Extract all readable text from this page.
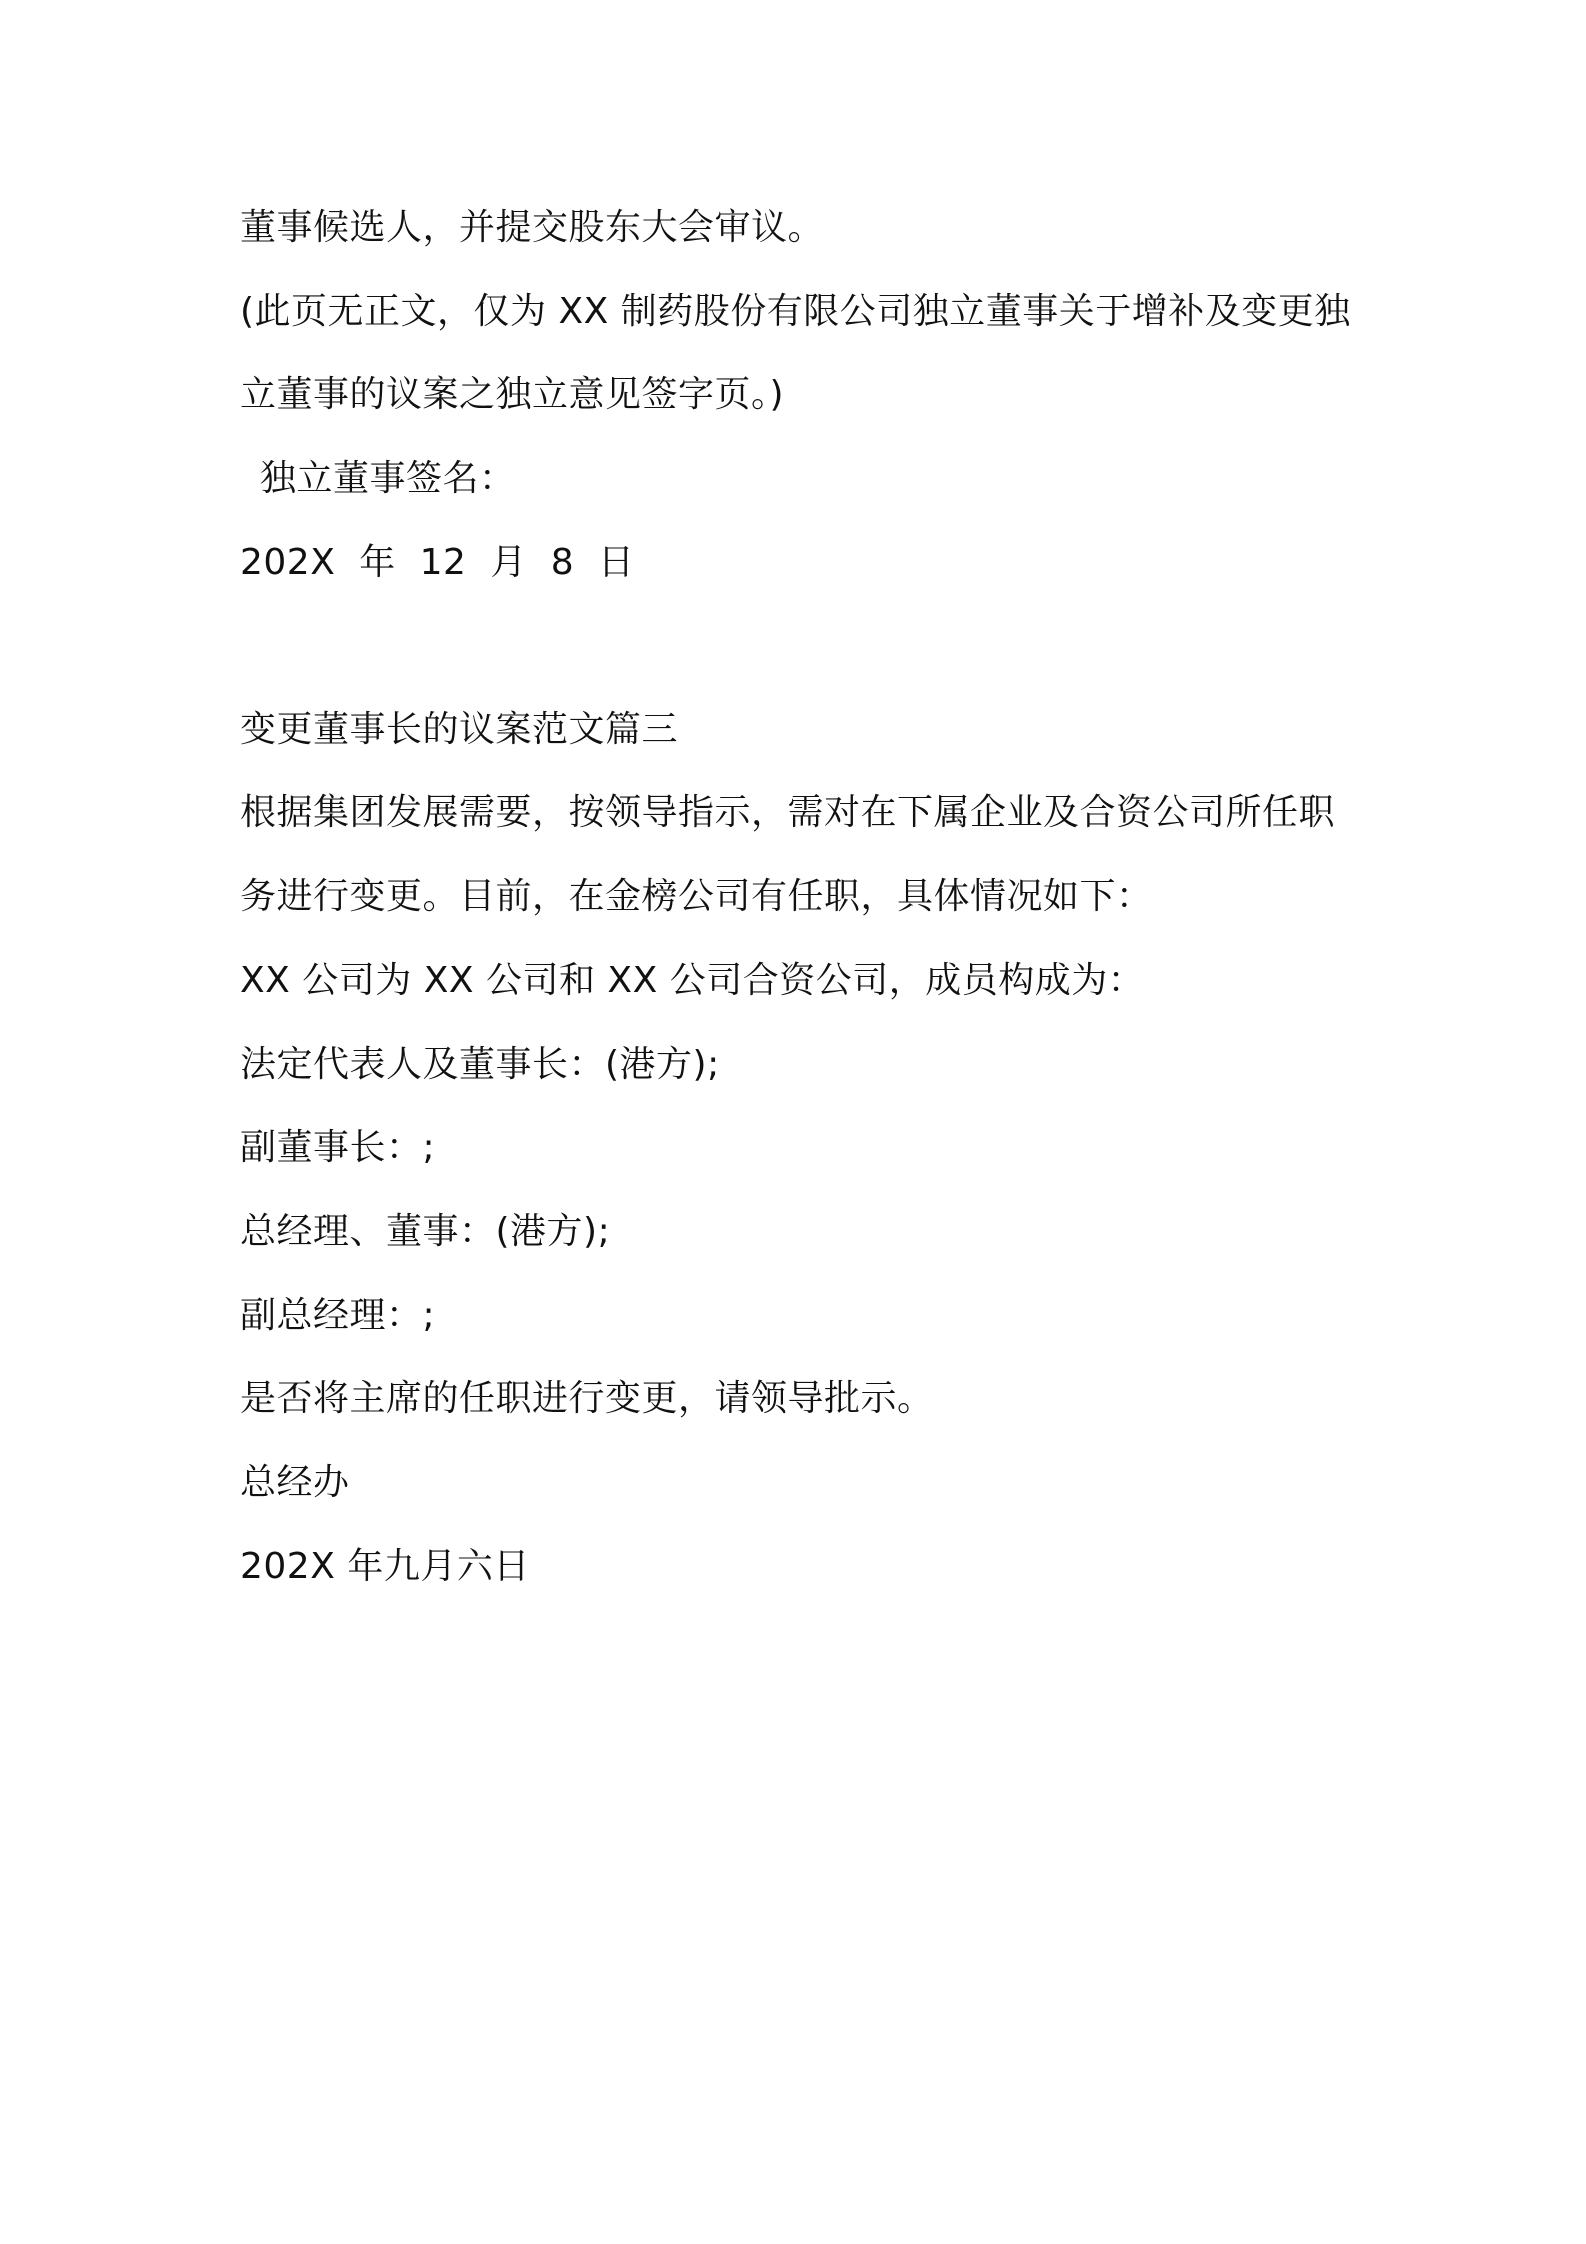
董事候选人，并提交股东大会审议。

(此页无正文，仅为 XX 制药股份有限公司独立董事关于增补及变更独

立董事的议案之独立意见签字页。)

独立董事签名：

202X  年  12  月  8  日

变更董事长的议案范文篇三

根据集团发展需要，按领导指示，需对在下属企业及合资公司所任职

务进行变更。目前，在金榜公司有任职，具体情况如下：

XX 公司为 XX 公司和 XX 公司合资公司，成员构成为：

法定代表人及董事长：(港方);

副董事长：;

总经理、董事：(港方);

副总经理：;

是否将主席的任职进行变更，请领导批示。

总经办

202X 年九月六日
